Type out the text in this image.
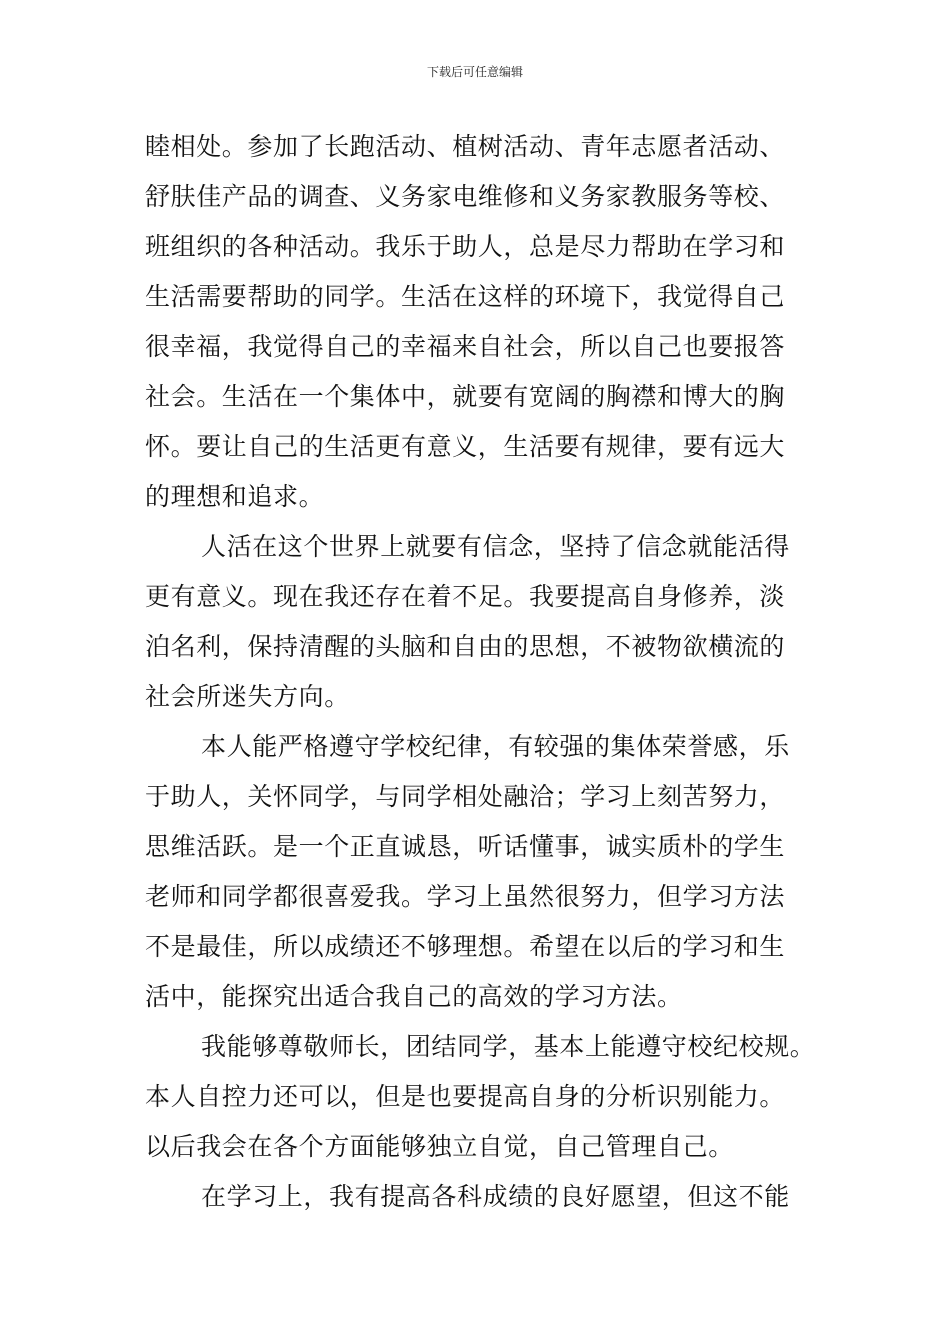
下载后可任意编辑
睦相处。参加了长跑活动、植树活动、青年志愿者活动、
舒肤佳产品的调查、义务家电维修和义务家教服务等校、
班组织的各种活动。我乐于助人，总是尽力帮助在学习和
生活需要帮助的同学。生活在这样的环境下，我觉得自己
很幸福，我觉得自己的幸福来自社会，所以自己也要报答
社会。生活在一个集体中，就要有宽阔的胸襟和博大的胸
怀。要让自己的生活更有意义，生活要有规律，要有远大
的理想和追求。
人活在这个世界上就要有信念，坚持了信念就能活得
更有意义。现在我还存在着不足。我要提高自身修养，淡
泊名利，保持清醒的头脑和自由的思想，不被物欲横流的
社会所迷失方向。
本人能严格遵守学校纪律，有较强的集体荣誉感，乐
于助人，关怀同学，与同学相处融洽；学习上刻苦努力，
思维活跃。是一个正直诚恳，听话懂事，诚实质朴的学生
老师和同学都很喜爱我。学习上虽然很努力，但学习方法
不是最佳，所以成绩还不够理想。希望在以后的学习和生
活中，能探究出适合我自己的高效的学习方法。
我能够尊敬师长，团结同学，基本上能遵守校纪校规。
本人自控力还可以，但是也要提高自身的分析识别能力。
以后我会在各个方面能够独立自觉，自己管理自己。
在学习上，我有提高各科成绩的良好愿望，但这不能
